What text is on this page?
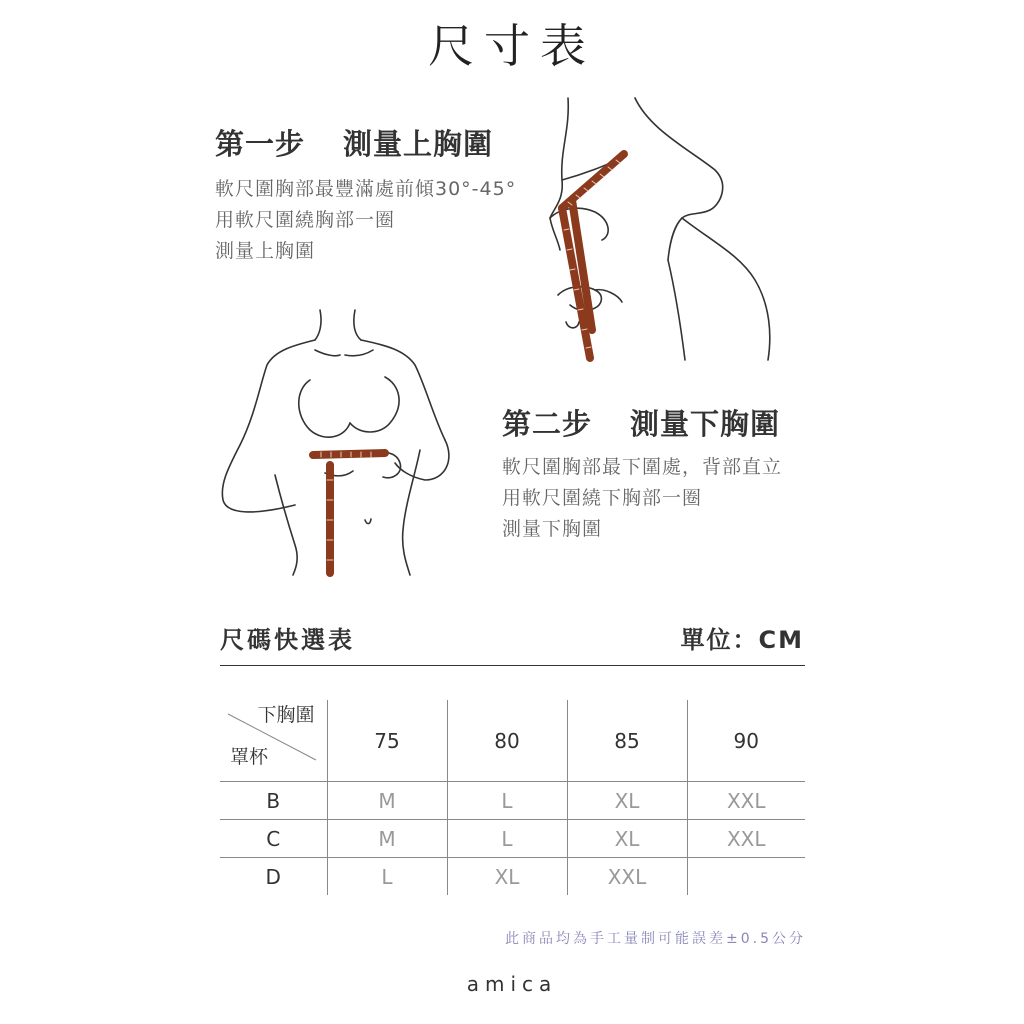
尺寸表
第一步 測量上胸圍
軟尺圍胸部最豐滿處前傾30°-45°
用軟尺圍繞胸部一圈
測量上胸圍
第二步 測量下胸圍
軟尺圍胸部最下圍處，背部直立
用軟尺圍繞下胸部一圈
測量下胸圍
尺碼快選表	單位：CM
下胸圍
罩杯	75	80	85	90
B	M	L	XL	XXL
C	M	L	XL	XXL
D	L	XL	XXL	
此商品均為手工量制可能誤差±0.5公分
amica
